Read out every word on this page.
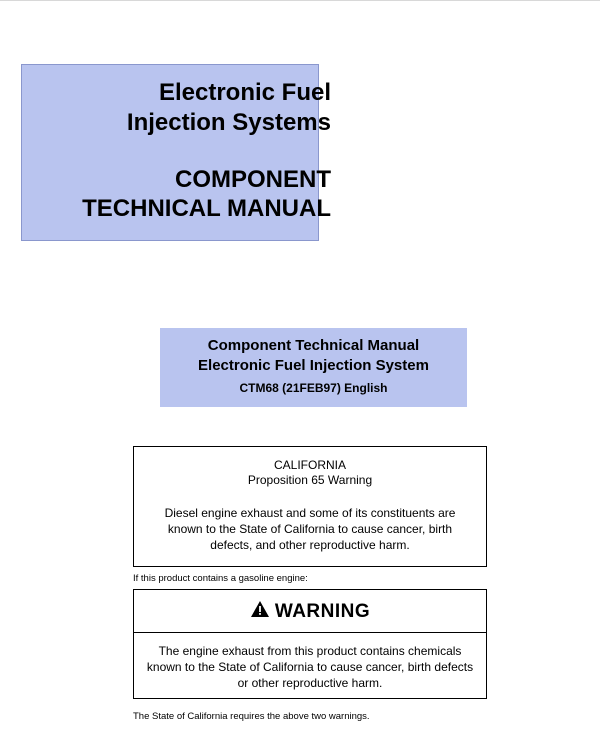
Electronic Fuel
Injection Systems
COMPONENT
TECHNICAL MANUAL
Component Technical Manual
Electronic Fuel Injection System
CTM68 (21FEB97) English
CALIFORNIA
Proposition 65 Warning
Diesel engine exhaust and some of its constituents are known to the State of California to cause cancer, birth defects, and other reproductive harm.
If this product contains a gasoline engine:
WARNING
The engine exhaust from this product contains chemicals known to the State of California to cause cancer, birth defects or other reproductive harm.
The State of California requires the above two warnings.
